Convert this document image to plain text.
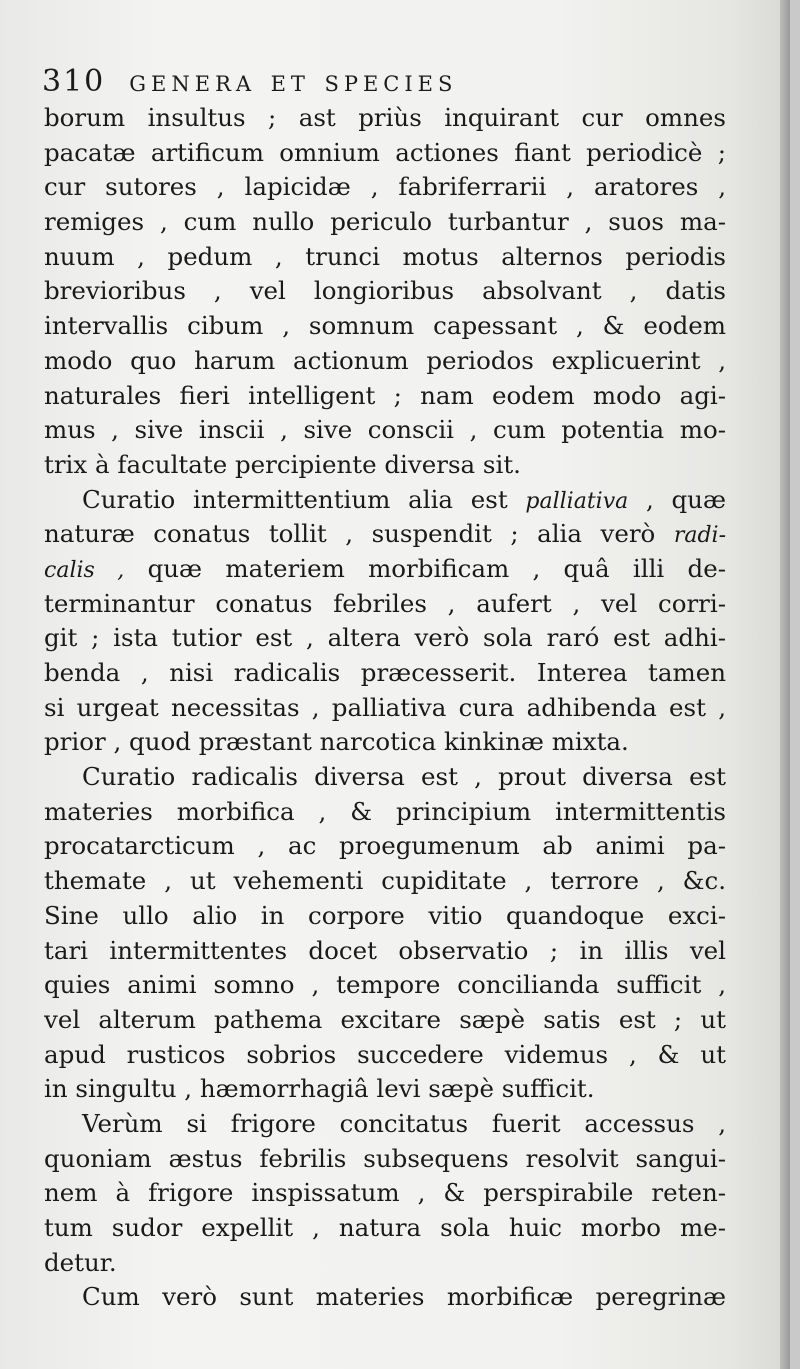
310 genera et species
borum insultus ; ast priùs inquirant cur omnes
pacatæ artificum omnium actiones fiant periodicè ;
cur sutores , lapicidæ , fabriferrarii , aratores ,
remiges , cum nullo periculo turbantur , suos ma-
nuum , pedum , trunci motus alternos periodis
brevioribus , vel longioribus absolvant , datis
intervallis cibum , somnum capessant , & eodem
modo quo harum actionum periodos explicuerint ,
naturales fieri intelligent ; nam eodem modo agi-
mus , sive inscii , sive conscii , cum potentia mo-
trix à facultate percipiente diversa sit.
Curatio intermittentium alia est palliativa , quæ
naturæ conatus tollit , suspendit ; alia verò radi-
calis , quæ materiem morbificam , quâ illi de-
terminantur conatus febriles , aufert , vel corri-
git ; ista tutior est , altera verò sola raró est adhi-
benda , nisi radicalis præcesserit. Interea tamen
si urgeat necessitas , palliativa cura adhibenda est ,
prior , quod præstant narcotica kinkinæ mixta.
Curatio radicalis diversa est , prout diversa est
materies morbifica , & principium intermittentis
procatarcticum , ac proegumenum ab animi pa-
themate , ut vehementi cupiditate , terrore , &c.
Sine ullo alio in corpore vitio quandoque exci-
tari intermittentes docet observatio ; in illis vel
quies animi somno , tempore concilianda sufficit ,
vel alterum pathema excitare sæpè satis est ; ut
apud rusticos sobrios succedere videmus , & ut
in singultu , hæmorrhagiâ levi sæpè sufficit.
Verùm si frigore concitatus fuerit accessus ,
quoniam æstus febrilis subsequens resolvit sangui-
nem à frigore inspissatum , & perspirabile reten-
tum sudor expellit , natura sola huic morbo me-
detur.
Cum verò sunt materies morbificæ peregrinæ
